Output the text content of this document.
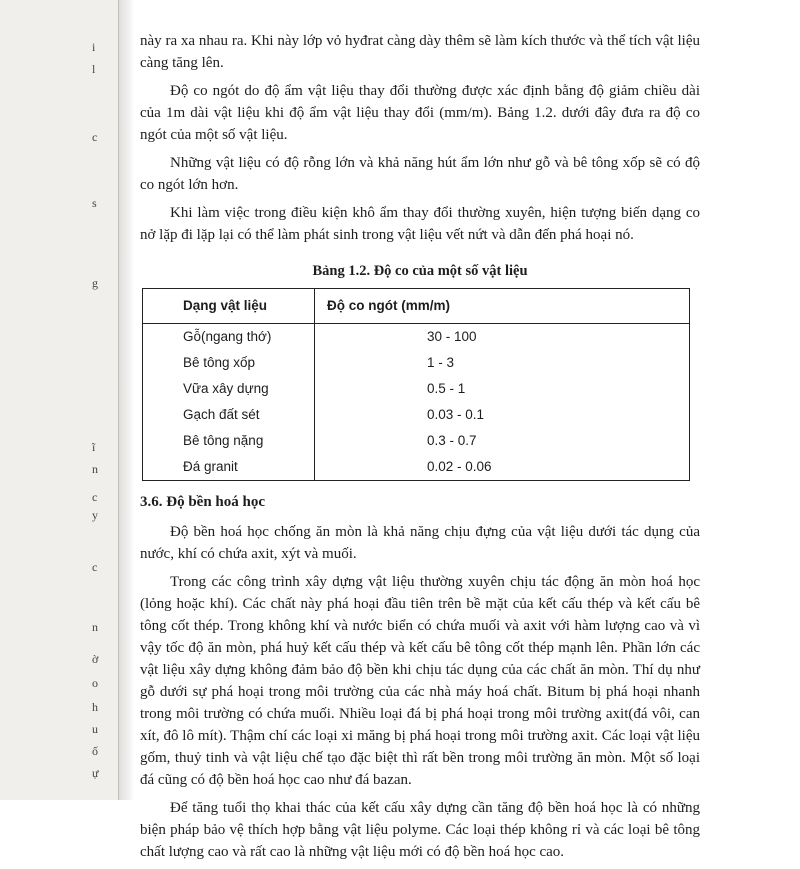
i
l
c
s
g
ĩ
n
c
y
c
n
ờ
o
h
u
ố
ự

này ra xa nhau ra. Khi này lớp vỏ hyđrat càng dày thêm sẽ làm kích thước và thể tích vật liệu càng tăng lên.

Độ co ngót do độ ẩm vật liệu thay đổi thường được xác định bằng độ giảm chiều dài của 1m dài vật liệu khi độ ẩm vật liệu thay đổi (mm/m). Bảng 1.2. dưới đây đưa ra độ co ngót của một số vật liệu.

Những vật liệu có độ rỗng lớn và khả năng hút ẩm lớn như gỗ và bê tông xốp sẽ có độ co ngót lớn hơn.

Khi làm việc trong điều kiện khô ẩm thay đổi thường xuyên, hiện tượng biến dạng co nở lặp đi lặp lại có thể làm phát sinh trong vật liệu vết nứt và dẫn đến phá hoại nó.

Bảng 1.2. Độ co của một số vật liệu
Dạng vật liệu	Độ co ngót (mm/m)
Gỗ(ngang thớ)	30 - 100
Bê tông xốp	1 - 3
Vữa xây dựng	0.5 - 1
Gạch đất sét	0.03 - 0.1
Bê tông nặng	0.3 - 0.7
Đá granit	0.02 - 0.06
3.6. Độ bền hoá học

Độ bền hoá học chống ăn mòn là khả năng chịu đựng của vật liệu dưới tác dụng của nước, khí có chứa axit, xýt và muối.

Trong các công trình xây dựng vật liệu thường xuyên chịu tác động ăn mòn hoá học (lỏng hoặc khí). Các chất này phá hoại đầu tiên trên bề mặt của kết cấu thép và kết cấu bê tông cốt thép. Trong không khí và nước biển có chứa muối và axit với hàm lượng cao và vì vậy tốc độ ăn mòn, phá huỷ kết cấu thép và kết cấu bê tông cốt thép mạnh lên. Phần lớn các vật liệu xây dựng không đảm bảo độ bền khi chịu tác dụng của các chất ăn mòn. Thí dụ như gỗ dưới sự phá hoại trong môi trường của các nhà máy hoá chất. Bitum bị phá hoại nhanh trong môi trường có chứa muối. Nhiều loại đá bị phá hoại trong môi trường axit(đá vôi, can xít, đô lô mít). Thậm chí các loại xi măng bị phá hoại trong môi trường axit. Các loại vật liệu gốm, thuỷ tinh và vật liệu chế tạo đặc biệt thì rất bền trong môi trường ăn mòn. Một số loại đá cũng có độ bền hoá học cao như đá bazan.

Để tăng tuổi thọ khai thác của kết cấu xây dựng cần tăng độ bền hoá học là có những biện pháp bảo vệ thích hợp bằng vật liệu polyme. Các loại thép không rỉ và các loại bê tông chất lượng cao và rất cao là những vật liệu mới có độ bền hoá học cao.
